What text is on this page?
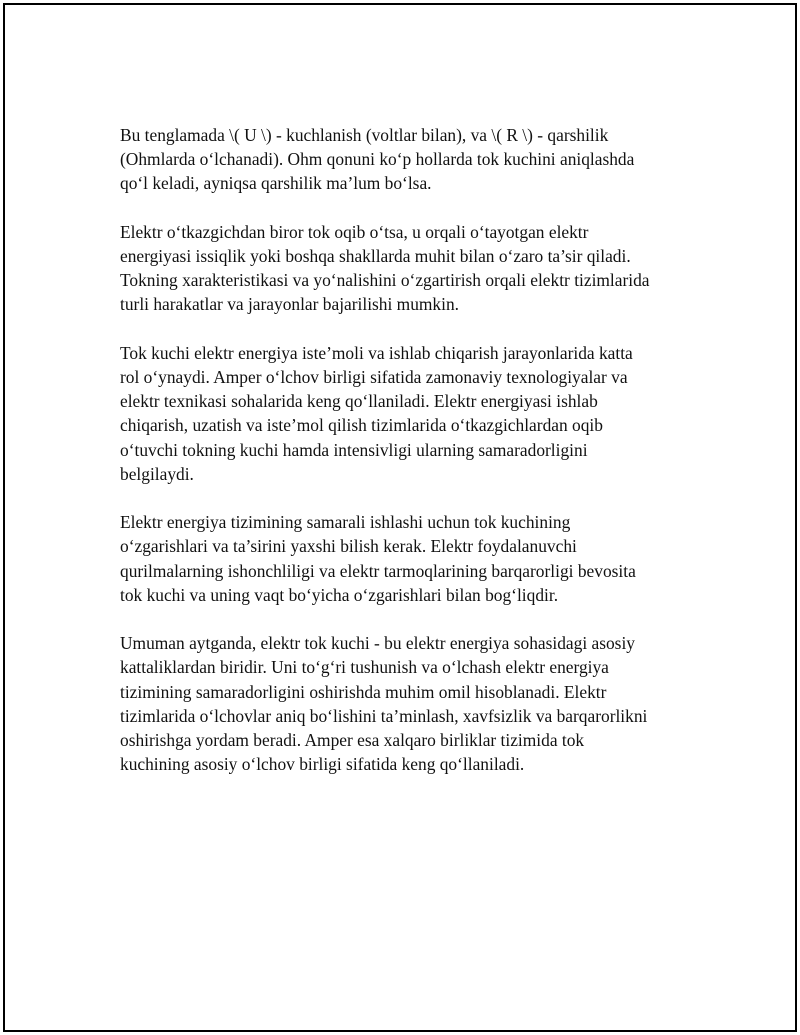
Bu tenglamada \( U \) - kuchlanish (voltlar bilan), va \( R \) - qarshilik
(Ohmlarda o‘lchanadi). Ohm qonuni ko‘p hollarda tok kuchini aniqlashda
qo‘l keladi, ayniqsa qarshilik ma’lum bo‘lsa.

Elektr o‘tkazgichdan biror tok oqib o‘tsa, u orqali o‘tayotgan elektr
energiyasi issiqlik yoki boshqa shakllarda muhit bilan o‘zaro ta’sir qiladi.
Tokning xarakteristikasi va yo‘nalishini o‘zgartirish orqali elektr tizimlarida
turli harakatlar va jarayonlar bajarilishi mumkin.

Tok kuchi elektr energiya iste’moli va ishlab chiqarish jarayonlarida katta
rol o‘ynaydi. Amper o‘lchov birligi sifatida zamonaviy texnologiyalar va
elektr texnikasi sohalarida keng qo‘llaniladi. Elektr energiyasi ishlab
chiqarish, uzatish va iste’mol qilish tizimlarida o‘tkazgichlardan oqib
o‘tuvchi tokning kuchi hamda intensivligi ularning samaradorligini
belgilaydi.

Elektr energiya tizimining samarali ishlashi uchun tok kuchining
o‘zgarishlari va ta’sirini yaxshi bilish kerak. Elektr foydalanuvchi
qurilmalarning ishonchliligi va elektr tarmoqlarining barqarorligi bevosita
tok kuchi va uning vaqt bo‘yicha o‘zgarishlari bilan bog‘liqdir.

Umuman aytganda, elektr tok kuchi - bu elektr energiya sohasidagi asosiy
kattaliklardan biridir. Uni to‘g‘ri tushunish va o‘lchash elektr energiya
tizimining samaradorligini oshirishda muhim omil hisoblanadi. Elektr
tizimlarida o‘lchovlar aniq bo‘lishini ta’minlash, xavfsizlik va barqarorlikni
oshirishga yordam beradi. Amper esa xalqaro birliklar tizimida tok
kuchining asosiy o‘lchov birligi sifatida keng qo‘llaniladi.
